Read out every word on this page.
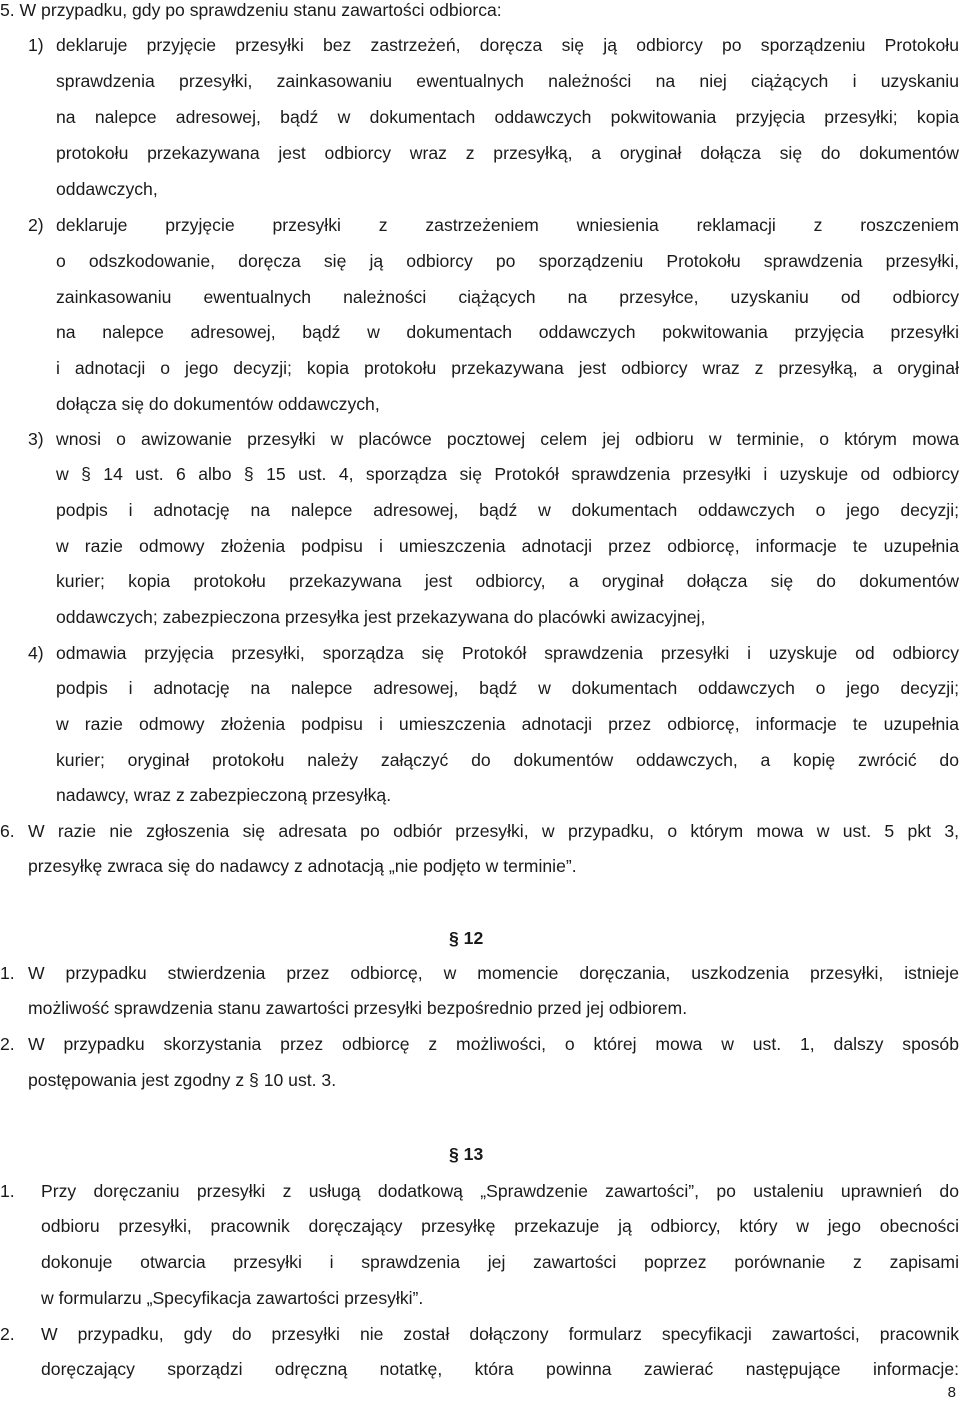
5. W przypadku, gdy po sprawdzeniu stanu zawartości odbiorca:
1) deklaruje przyjęcie przesyłki bez zastrzeżeń, doręcza się ją odbiorcy po sporządzeniu Protokołu
sprawdzenia przesyłki, zainkasowaniu ewentualnych należności na niej ciążących i uzyskaniu
na nalepce adresowej, bądź w dokumentach oddawczych pokwitowania przyjęcia przesyłki; kopia
protokołu przekazywana jest odbiorcy wraz z przesyłką, a oryginał dołącza się do dokumentów
oddawczych,
2) deklaruje przyjęcie przesyłki z zastrzeżeniem wniesienia reklamacji z roszczeniem
o odszkodowanie, doręcza się ją odbiorcy po sporządzeniu Protokołu sprawdzenia przesyłki,
zainkasowaniu ewentualnych należności ciążących na przesyłce, uzyskaniu od odbiorcy
na nalepce adresowej, bądź w dokumentach oddawczych pokwitowania przyjęcia przesyłki
i adnotacji o jego decyzji; kopia protokołu przekazywana jest odbiorcy wraz z przesyłką, a oryginał
dołącza się do dokumentów oddawczych,
3) wnosi o awizowanie przesyłki w placówce pocztowej celem jej odbioru w terminie, o którym mowa
w § 14 ust. 6 albo § 15 ust. 4, sporządza się Protokół sprawdzenia przesyłki i uzyskuje od odbiorcy
podpis i adnotację na nalepce adresowej, bądź w dokumentach oddawczych o jego decyzji;
w razie odmowy złożenia podpisu i umieszczenia adnotacji przez odbiorcę, informacje te uzupełnia
kurier; kopia protokołu przekazywana jest odbiorcy, a oryginał dołącza się do dokumentów
oddawczych; zabezpieczona przesyłka jest przekazywana do placówki awizacyjnej,
4) odmawia przyjęcia przesyłki, sporządza się Protokół sprawdzenia przesyłki i uzyskuje od odbiorcy
podpis i adnotację na nalepce adresowej, bądź w dokumentach oddawczych o jego decyzji;
w razie odmowy złożenia podpisu i umieszczenia adnotacji przez odbiorcę, informacje te uzupełnia
kurier; oryginał protokołu należy załączyć do dokumentów oddawczych, a kopię zwrócić do
nadawcy, wraz z zabezpieczoną przesyłką.
6. W razie nie zgłoszenia się adresata po odbiór przesyłki, w przypadku, o którym mowa w ust. 5 pkt 3,
przesyłkę zwraca się do nadawcy z adnotacją „nie podjęto w terminie”.
§ 12
1. W przypadku stwierdzenia przez odbiorcę, w momencie doręczania, uszkodzenia przesyłki, istnieje
możliwość sprawdzenia stanu zawartości przesyłki bezpośrednio przed jej odbiorem.
2. W przypadku skorzystania przez odbiorcę z możliwości, o której mowa w ust. 1, dalszy sposób
postępowania jest zgodny z § 10 ust. 3.
§ 13
1. Przy doręczaniu przesyłki z usługą dodatkową „Sprawdzenie zawartości”, po ustaleniu uprawnień do
odbioru przesyłki, pracownik doręczający przesyłkę przekazuje ją odbiorcy, który w jego obecności
dokonuje otwarcia przesyłki i sprawdzenia jej zawartości poprzez porównanie z zapisami
w formularzu „Specyfikacja zawartości przesyłki”.
2. W przypadku, gdy do przesyłki nie został dołączony formularz specyfikacji zawartości, pracownik
doręczający sporządzi odręczną notatkę, która powinna zawierać następujące informacje:
8
